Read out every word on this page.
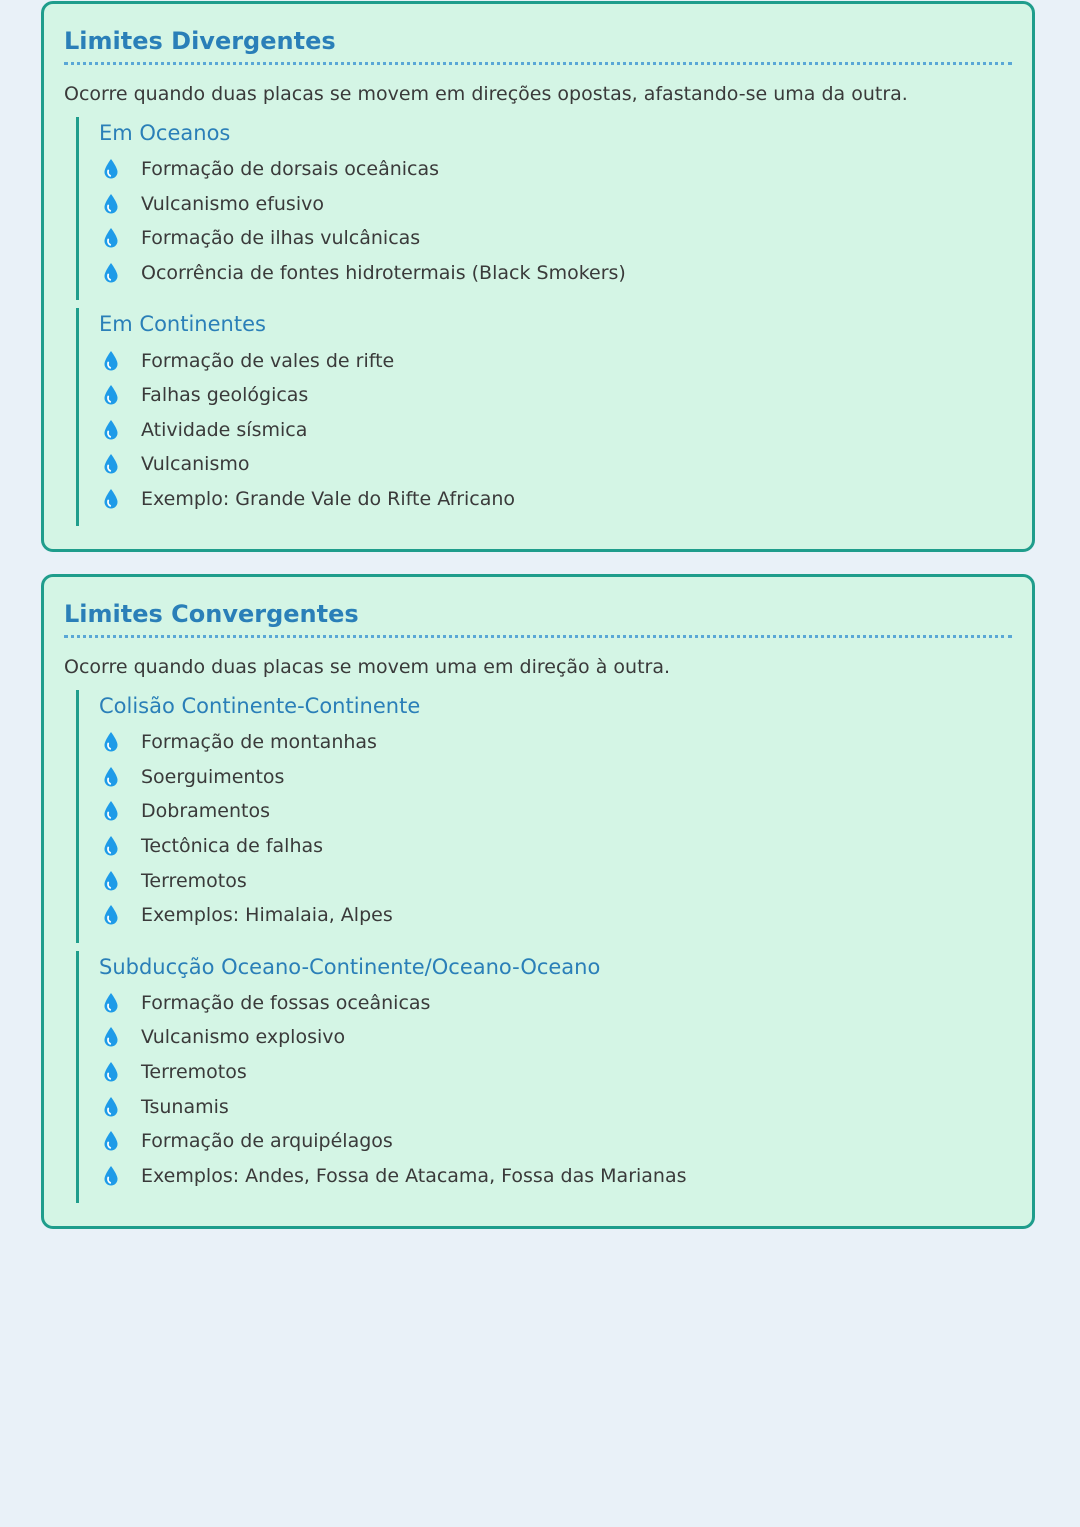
Limites Divergentes
Ocorre quando duas placas se movem em direções opostas, afastando-se uma da outra.
Em Oceanos
Formação de dorsais oceânicas
Vulcanismo efusivo
Formação de ilhas vulcânicas
Ocorrência de fontes hidrotermais (Black Smokers)
Em Continentes
Formação de vales de rifte
Falhas geológicas
Atividade sísmica
Vulcanismo
Exemplo: Grande Vale do Rifte Africano
Limites Convergentes
Ocorre quando duas placas se movem uma em direção à outra.
Colisão Continente-Continente
Formação de montanhas
Soerguimentos
Dobramentos
Tectônica de falhas
Terremotos
Exemplos: Himalaia, Alpes
Subducção Oceano-Continente/Oceano-Oceano
Formação de fossas oceânicas
Vulcanismo explosivo
Terremotos
Tsunamis
Formação de arquipélagos
Exemplos: Andes, Fossa de Atacama, Fossa das Marianas
